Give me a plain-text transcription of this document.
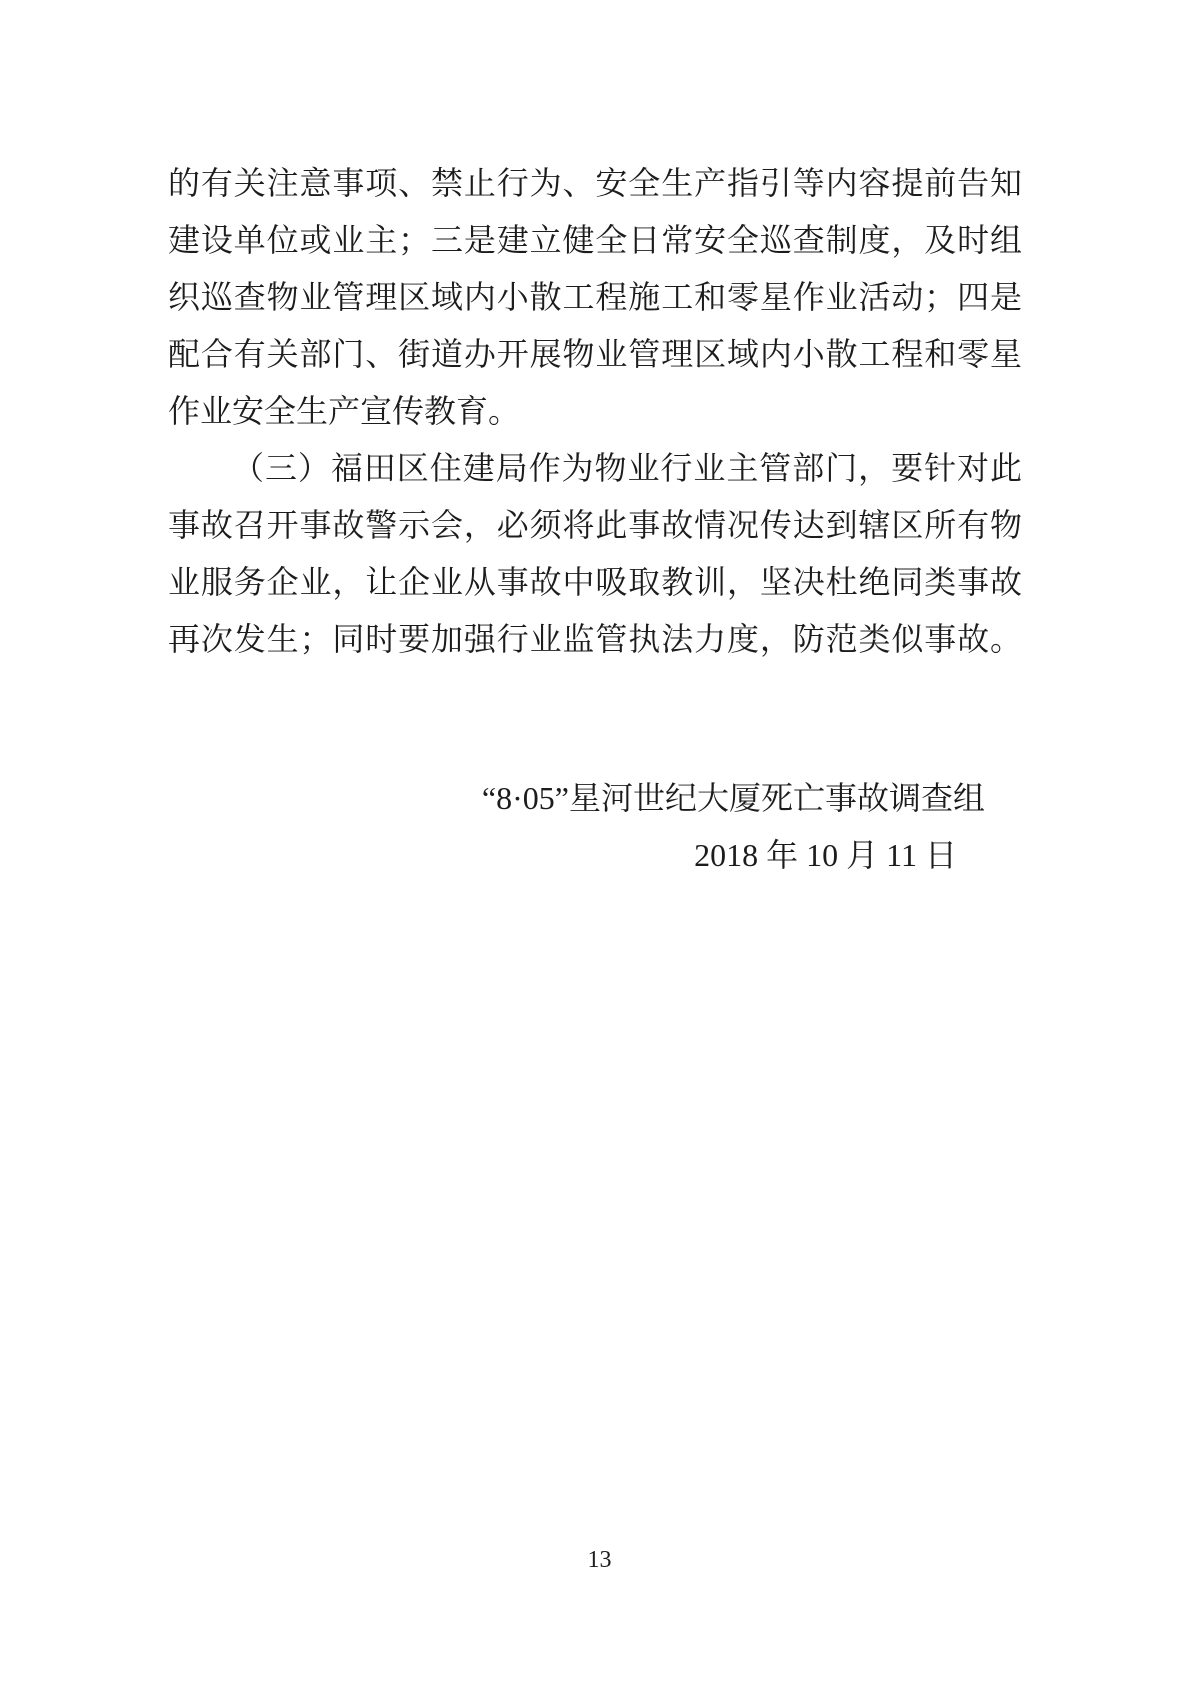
的有关注意事项、禁止行为、安全生产指引等内容提前告知
建设单位或业主；三是建立健全日常安全巡查制度，及时组
织巡查物业管理区域内小散工程施工和零星作业活动；四是
配合有关部门、街道办开展物业管理区域内小散工程和零星
作业安全生产宣传教育。
（三）福田区住建局作为物业行业主管部门，要针对此
事故召开事故警示会，必须将此事故情况传达到辖区所有物
业服务企业，让企业从事故中吸取教训，坚决杜绝同类事故
再次发生；同时要加强行业监管执法力度，防范类似事故。
“8·05”星河世纪大厦死亡事故调查组
2018 年 10 月 11 日
13
